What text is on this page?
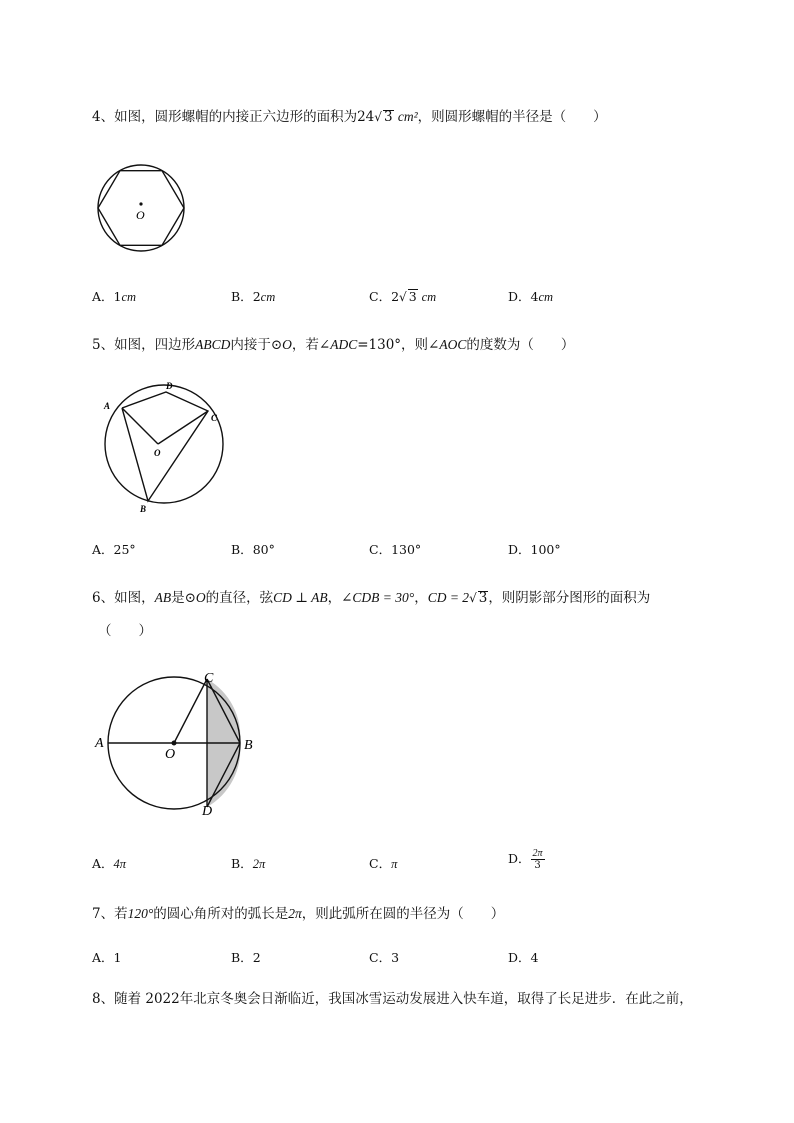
4、如图，圆形螺帽的内接正六边形的面积为24√ 3 cm²，则圆形螺帽的半径是（　　）
O
A．1cm	B．2cm	C．2√ 3 cm	D．4cm
5、如图，四边形ABCD内接于⊙O，若∠ADC=130°，则∠AOC的度数为（　　）
A
D
C
O
B
A．25°	B．80°	C．130°	D．100°
6、如图，AB是⊙O的直径，弦CD ⊥ AB，∠CDB = 30°，CD = 2√ 3，则阴影部分图形的面积为
（　　）
A	B
C
D
O
A．4π	B．2π	C．π	D． $\frac{2\pi}{3}$
7、若120°的圆心角所对的弧长是2π，则此弧所在圆的半径为（　　）
A．1	B．2	C．3	D．4
8、随着 2022年北京冬奥会日渐临近，我国冰雪运动发展进入快车道，取得了长足进步．在此之前，
